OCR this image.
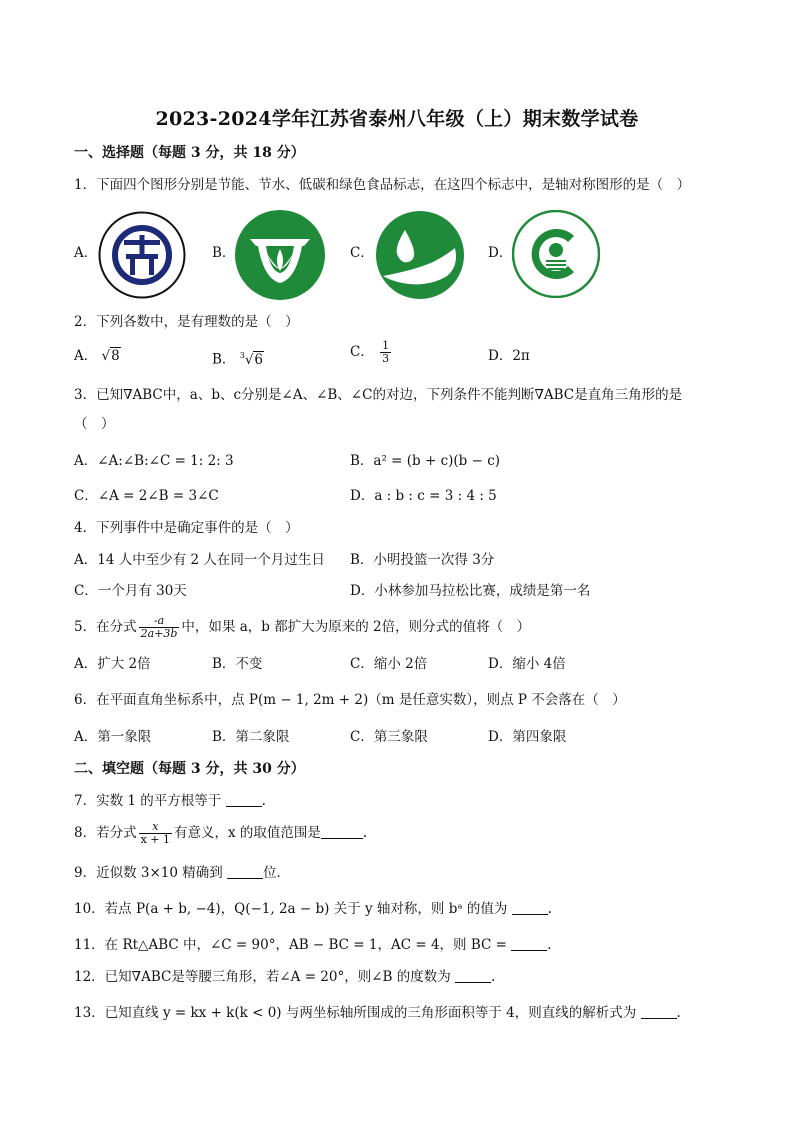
2023-2024学年江苏省泰州八年级（上）期末数学试卷
一、选择题（每题 3 分，共 18 分）
1．下面四个图形分别是节能、节水、低碳和绿色食品标志，在这四个标志中，是轴对称图形的是（　）
A．	B．	C．	D．
2．下列各数中，是有理数的是（　）
A． √8	B． $^3$√6	C． $\frac{1}{3}$	D．2π
3．已知∇ABC中，a、b、c分别是∠A、∠B、∠C的对边，下列条件不能判断∇ABC是直角三角形的是
（　）
A．∠A:∠B:∠C = 1: 2: 3	B．a² = (b + c)(b − c)
C．∠A = 2∠B = 3∠C	D．a : b : c = 3 : 4 : 5
4．下列事件中是确定事件的是（　）
A．14 人中至少有 2 人在同一个月过生日 B．小明投篮一次得 3分
C．一个月有 30天	D．小林参加马拉松比赛，成绩是第一名
5．在分式 $\frac{-a}{2a+3b}$ 中，如果 a，b 都扩大为原来的 2倍，则分式的值将（　）
A．扩大 2倍	B．不变	C．缩小 2倍	D．缩小 4倍
6．在平面直角坐标系中，点 P(m − 1, 2m + 2)（m 是任意实数），则点 P 不会落在（　）
A．第一象限	B．第二象限	C．第三象限	D．第四象限
二、填空题（每题 3 分，共 30 分）
7．实数 1 的平方根等于	.
8．若分式 $\frac{x}{x + 1}$ 有意义，x 的取值范围是	.
9．近似数 3×10 精确到	位．
10．若点 P(a + b, −4)，Q(−1, 2a − b) 关于 y 轴对称，则 bᵃ 的值为	.
11．在 Rt△ABC 中，∠C = 90°，AB − BC = 1，AC = 4，则 BC =	.
12．已知∇ABC是等腰三角形，若∠A = 20°，则∠B 的度数为	.
13．已知直线 y = kx + k(k < 0) 与两坐标轴所围成的三角形面积等于 4，则直线的解析式为	.
